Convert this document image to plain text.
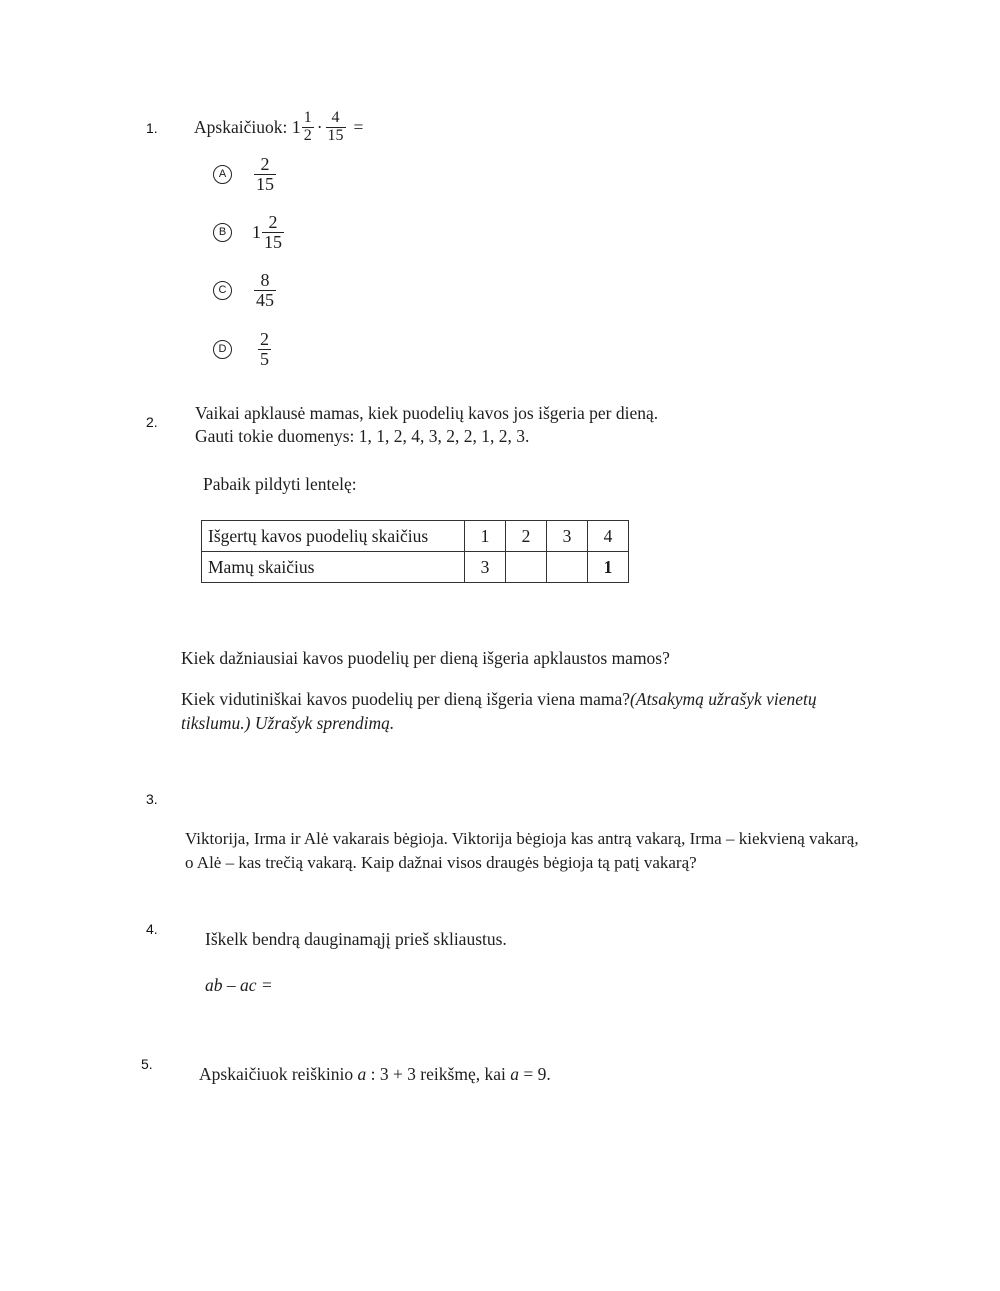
1. Apskaičiuok: $1 \frac{1}{2} \cdot \frac{4}{15}$ =
A	$\frac{2}{15}$
B	$1 \frac{2}{15}$
C	$\frac{8}{45}$
D	$\frac{2}{5}$
2. Vaikai apklausė mamas, kiek puodelių kavos jos išgeria per dieną.
Gauti tokie duomenys: 1, 1, 2, 4, 3, 2, 2, 1, 2, 3.
Pabaik pildyti lentelę:
Išgertų kavos puodelių skaičius	1	2	3	4
Mamų skaičius	3			1
Kiek dažniausiai kavos puodelių per dieną išgeria apklaustos mamos?
Kiek vidutiniškai kavos puodelių per dieną išgeria viena mama?(Atsakymą užrašyk vienetų
tikslumu.) Užrašyk sprendimą.
3.
Viktorija, Irma ir Alė vakarais bėgioja. Viktorija bėgioja kas antrą vakarą, Irma – kiekvieną vakarą,
o Alė – kas trečią vakarą. Kaip dažnai visos draugės bėgioja tą patį vakarą?
4.	Iškelk bendrą dauginamąjį prieš skliaustus.
ab – ac =
5.	Apskaičiuok reiškinio a : 3 + 3 reikšmę, kai a = 9.
